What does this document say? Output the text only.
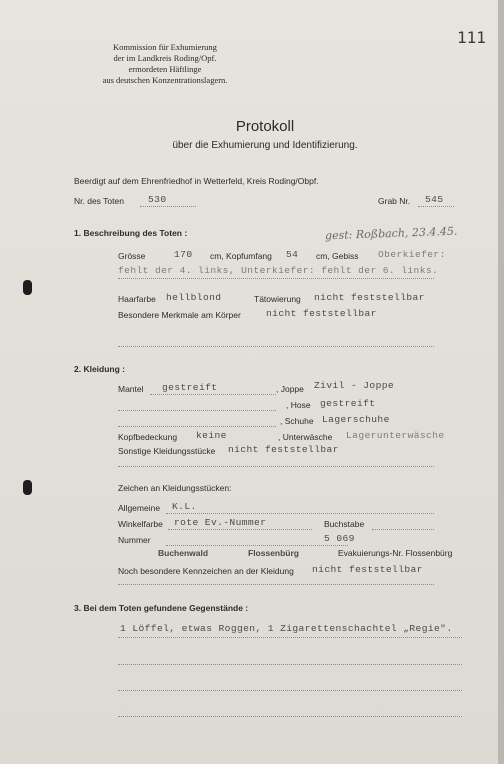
111
Kommission für Exhumierung
der im Landkreis Roding/Opf.
ermordeten Häftlinge
aus deutschen Konzentrationslagern.
Protokoll
über die Exhumierung und Identifizierung.
Beerdigt auf dem Ehrenfriedhof in Wetterfeld, Kreis Roding/Obpf.
Nr. des Toten	530	Grab Nr. 545
1. Beschreibung des Toten :	gest: Roßbach, 23.4.45.
Grösse	170 cm, Kopfumfang 54 cm, Gebiss Oberkiefer:
fehlt der 4. links, Unterkiefer: fehlt der 6. links.
Haarfarbe hellblond	Tätowierung nicht feststellbar
Besondere Merkmale am Körper	nicht feststellbar
2. Kleidung :
Mantel gestreift	, Joppe Zivil - Joppe
, Hose gestreift
, Schuhe Lagerschuhe
Kopfbedeckung keine	, Unterwäsche Lagerunterwäsche
Sonstige Kleidungsstücke nicht feststellbar
Zeichen an Kleidungsstücken:
Allgemeine K.L.
Winkelfarbe rote Ev.-Nummer	Buchstabe
Nummer	5 069
Buchenwald	Flossenbürg	Evakuierungs-Nr. Flossenbürg
Noch besondere Kennzeichen an der Kleidung nicht feststellbar
3. Bei dem Toten gefundene Gegenstände :
1 Löffel, etwas Roggen, 1 Zigarettenschachtel „Regie".
